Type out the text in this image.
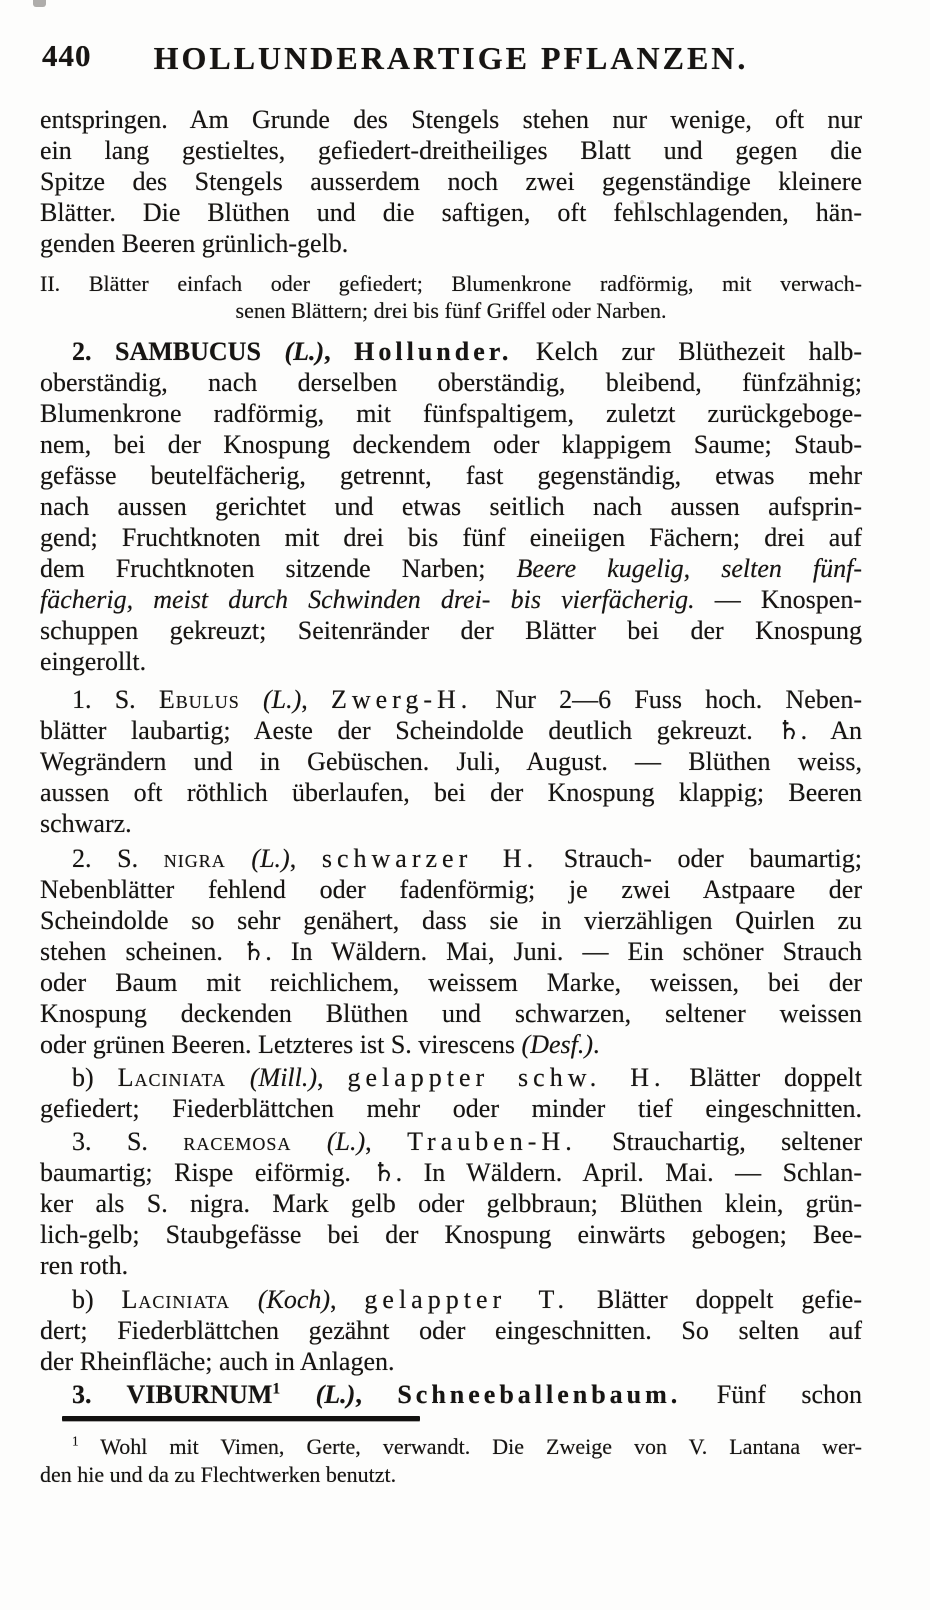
440	HOLLUNDERARTIGE PFLANZEN.
entspringen. Am Grunde des Stengels stehen nur wenige, oft nur
ein lang gestieltes, gefiedert-dreitheiliges Blatt und gegen die
Spitze des Stengels ausserdem noch zwei gegenständige kleinere
Blätter. Die Blüthen und die saftigen, oft fehlschlagenden, hän-
genden Beeren grünlich-gelb.
II. Blätter einfach oder gefiedert; Blumenkrone radförmig, mit verwach-
senen Blättern; drei bis fünf Griffel oder Narben.
2. SAMBUCUS (L.), Hollunder. Kelch zur Blüthezeit halb-
oberständig, nach derselben oberständig, bleibend, fünfzähnig;
Blumenkrone radförmig, mit fünfspaltigem, zuletzt zurückgeboge-
nem, bei der Knospung deckendem oder klappigem Saume; Staub-
gefässe beutelfächerig, getrennt, fast gegenständig, etwas mehr
nach aussen gerichtet und etwas seitlich nach aussen aufsprin-
gend; Fruchtknoten mit drei bis fünf eineiigen Fächern; drei auf
dem Fruchtknoten sitzende Narben; Beere kugelig, selten fünf-
fächerig, meist durch Schwinden drei- bis vierfächerig. — Knospen-
schuppen gekreuzt; Seitenränder der Blätter bei der Knospung
eingerollt.
1. S. Ebulus (L.), Zwerg-H. Nur 2—6 Fuss hoch. Neben-
blätter laubartig; Aeste der Scheindolde deutlich gekreuzt. ♄. An
Wegrändern und in Gebüschen. Juli, August. — Blüthen weiss,
aussen oft röthlich überlaufen, bei der Knospung klappig; Beeren
schwarz.
2. S. nigra (L.), schwarzer H. Strauch- oder baumartig;
Nebenblätter fehlend oder fadenförmig; je zwei Astpaare der
Scheindolde so sehr genähert, dass sie in vierzähligen Quirlen zu
stehen scheinen. ♄. In Wäldern. Mai, Juni. — Ein schöner Strauch
oder Baum mit reichlichem, weissem Marke, weissen, bei der
Knospung deckenden Blüthen und schwarzen, seltener weissen
oder grünen Beeren. Letzteres ist S. virescens (Desf.).
b) Laciniata (Mill.), gelappter schw. H. Blätter doppelt
gefiedert; Fiederblättchen mehr oder minder tief eingeschnitten.
3. S. racemosa (L.), Trauben-H. Strauchartig, seltener
baumartig; Rispe eiförmig. ♄. In Wäldern. April. Mai. — Schlan-
ker als S. nigra. Mark gelb oder gelbbraun; Blüthen klein, grün-
lich-gelb; Staubgefässe bei der Knospung einwärts gebogen; Bee-
ren roth.
b) Laciniata (Koch), gelappter T. Blätter doppelt gefie-
dert; Fiederblättchen gezähnt oder eingeschnitten. So selten auf
der Rheinfläche; auch in Anlagen.
3. VIBURNUM$^1$ (L.), Schneeballenbaum. Fünf schon
$^1$ Wohl mit Vimen, Gerte, verwandt. Die Zweige von V. Lantana wer-
den hie und da zu Flechtwerken benutzt.
